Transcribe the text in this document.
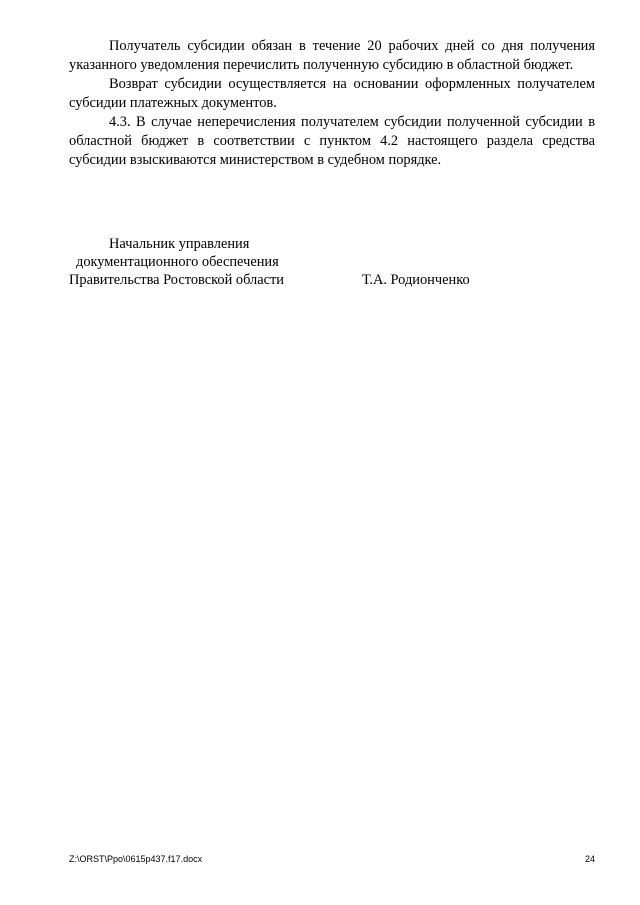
Получатель субсидии обязан в течение 20 рабочих дней со дня получения указанного уведомления перечислить полученную субсидию в областной бюджет.

Возврат субсидии осуществляется на основании оформленных получателем субсидии платежных документов.

4.3. В случае неперечисления получателем субсидии полученной субсидии в областной бюджет в соответствии с пунктом 4.2 настоящего раздела средства субсидии взыскиваются министерством в судебном порядке.

Начальник управления
документационного обеспечения
Правительства Ростовской области	Т.А. Родионченко
Z:\ORST\Ppo\0615p437.f17.docx	24
